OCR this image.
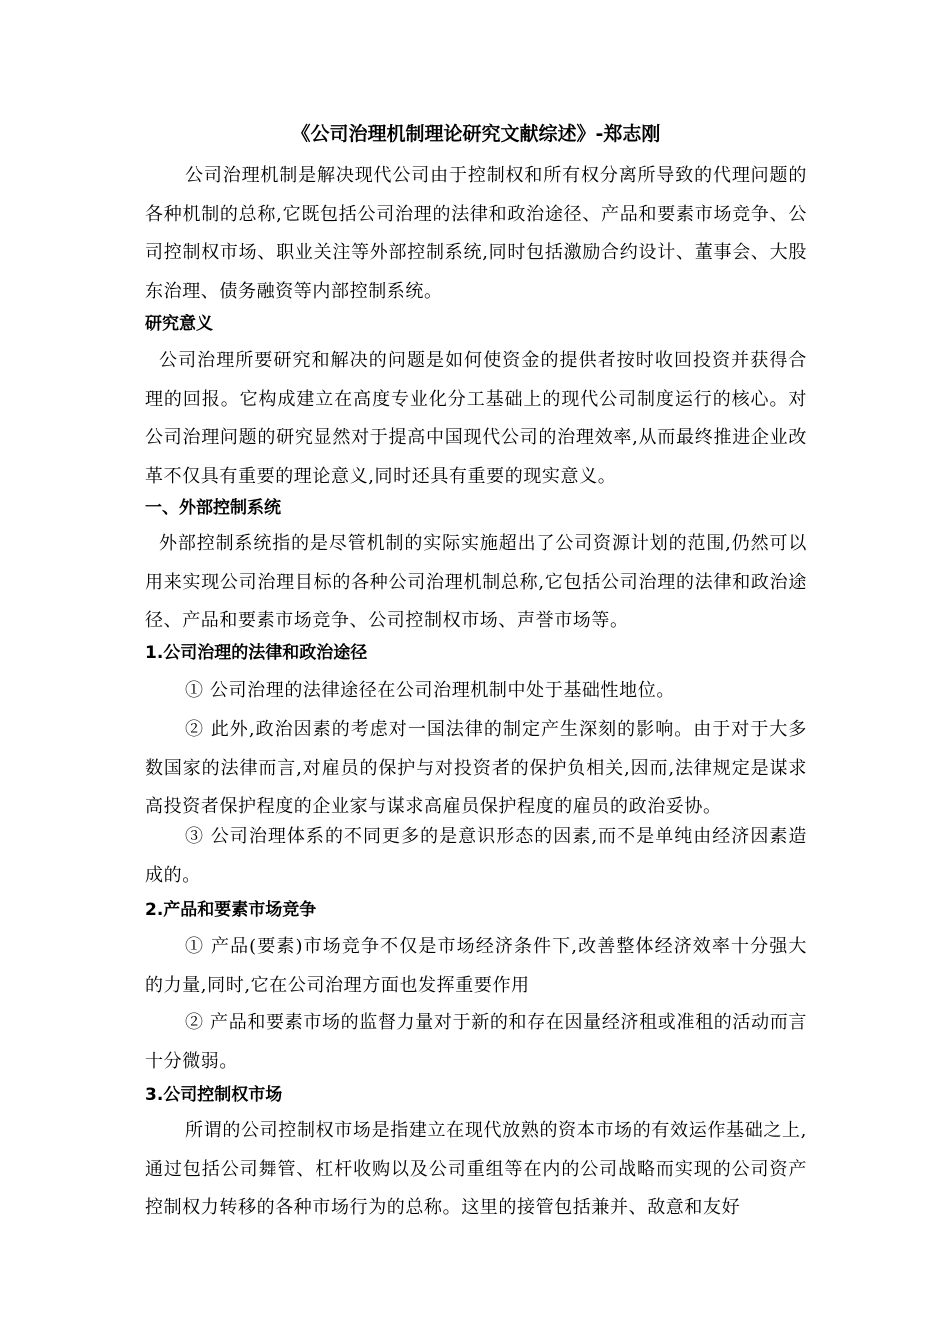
《公司治理机制理论研究文献综述》-郑志刚
公司治理机制是解决现代公司由于控制权和所有权分离所导致的代理问题的各种机制的总称,它既包括公司治理的法律和政治途径、产品和要素市场竞争、公司控制权市场、职业关注等外部控制系统,同时包括激励合约设计、董事会、大股东治理、债务融资等内部控制系统。
研究意义
公司治理所要研究和解决的问题是如何使资金的提供者按时收回投资并获得合理的回报。它构成建立在高度专业化分工基础上的现代公司制度运行的核心。对公司治理问题的研究显然对于提高中国现代公司的治理效率,从而最终推进企业改革不仅具有重要的理论意义,同时还具有重要的现实意义。
一、外部控制系统
外部控制系统指的是尽管机制的实际实施超出了公司资源计划的范围,仍然可以用来实现公司治理目标的各种公司治理机制总称,它包括公司治理的法律和政治途径、产品和要素市场竞争、公司控制权市场、声誉市场等。
1.公司治理的法律和政治途径
① 公司治理的法律途径在公司治理机制中处于基础性地位。
② 此外,政治因素的考虑对一国法律的制定产生深刻的影响。由于对于大多数国家的法律而言,对雇员的保护与对投资者的保护负相关,因而,法律规定是谋求高投资者保护程度的企业家与谋求高雇员保护程度的雇员的政治妥协。
③ 公司治理体系的不同更多的是意识形态的因素,而不是单纯由经济因素造成的。
2.产品和要素市场竞争
① 产品(要素)市场竞争不仅是市场经济条件下,改善整体经济效率十分强大的力量,同时,它在公司治理方面也发挥重要作用
② 产品和要素市场的监督力量对于新的和存在因量经济租或准租的活动而言十分微弱。
3.公司控制权市场
所谓的公司控制权市场是指建立在现代放熟的资本市场的有效运作基础之上,通过包括公司舞管、杠杆收购以及公司重组等在内的公司战略而实现的公司资产控制权力转移的各种市场行为的总称。这里的接管包括兼并、敌意和友好
